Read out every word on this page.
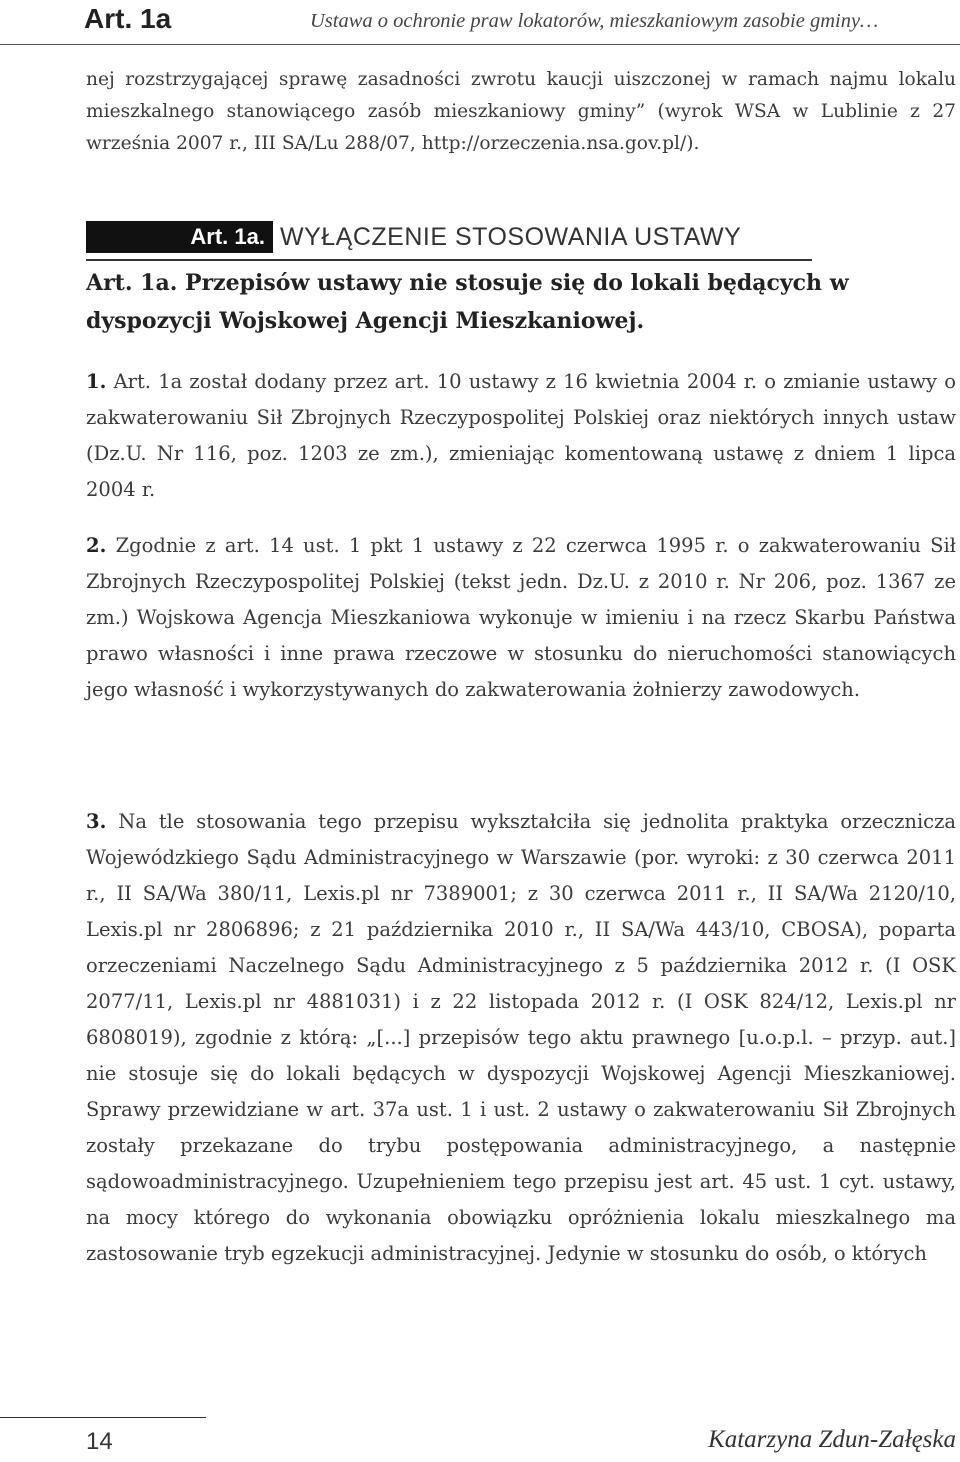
Art. 1a	Ustawa o ochronie praw lokatorów, mieszkaniowym zasobie gminy…

nej rozstrzygającej sprawę zasadności zwrotu kaucji uiszczonej w ramach najmu lokalu mieszkalnego stanowiącego zasób mieszkaniowy gminy” (wyrok WSA w Lublinie z 27 września 2007 r., III SA/Lu 288/07, http://orzeczenia.nsa.gov.pl/).

Art. 1a. WYŁĄCZENIE STOSOWANIA USTAWY
Art. 1a. Przepisów ustawy nie stosuje się do lokali będących w dyspozycji Wojskowej Agencji Mieszkaniowej.

1. Art. 1a został dodany przez art. 10 ustawy z 16 kwietnia 2004 r. o zmianie ustawy o zakwaterowaniu Sił Zbrojnych Rzeczypospolitej Polskiej oraz niektórych innych ustaw (Dz.U. Nr 116, poz. 1203 ze zm.), zmieniając komentowaną ustawę z dniem 1 lipca 2004 r.

2. Zgodnie z art. 14 ust. 1 pkt 1 ustawy z 22 czerwca 1995 r. o zakwaterowaniu Sił Zbrojnych Rzeczypospolitej Polskiej (tekst jedn. Dz.U. z 2010 r. Nr 206, poz. 1367 ze zm.) Wojskowa Agencja Mieszkaniowa wykonuje w imieniu i na rzecz Skarbu Państwa prawo własności i inne prawa rzeczowe w stosunku do nieruchomości stanowiących jego własność i wykorzystywanych do zakwaterowania żołnierzy zawodowych.

3. Na tle stosowania tego przepisu wykształciła się jednolita praktyka orzecznicza Wojewódzkiego Sądu Administracyjnego w Warszawie (por. wyroki: z 30 czerwca 2011 r., II SA/Wa 380/11, Lexis.pl nr 7389001; z 30 czerwca 2011 r., II SA/Wa 2120/10, Lexis.pl nr 2806896; z 21 października 2010 r., II SA/Wa 443/10, CBOSA), poparta orzeczeniami Naczelnego Sądu Administracyjnego z 5 października 2012 r. (I OSK 2077/11, Lexis.pl nr 4881031) i z 22 listopada 2012 r. (I OSK 824/12, Lexis.pl nr 6808019), zgodnie z którą: „[...] przepisów tego aktu prawnego [u.o.p.l. – przyp. aut.] nie stosuje się do lokali będących w dyspozycji Wojskowej Agencji Mieszkaniowej. Sprawy przewidziane w art. 37a ust. 1 i ust. 2 ustawy o zakwaterowaniu Sił Zbrojnych zostały przekazane do trybu postępowania administracyjnego, a następnie sądowoadministracyjnego. Uzupełnieniem tego przepisu jest art. 45 ust. 1 cyt. ustawy, na mocy którego do wykonania obowiązku opróżnienia lokalu mieszkalnego ma zastosowanie tryb egzekucji administracyjnej. Jedynie w stosunku do osób, o których

14	Katarzyna Zdun-Załęska
